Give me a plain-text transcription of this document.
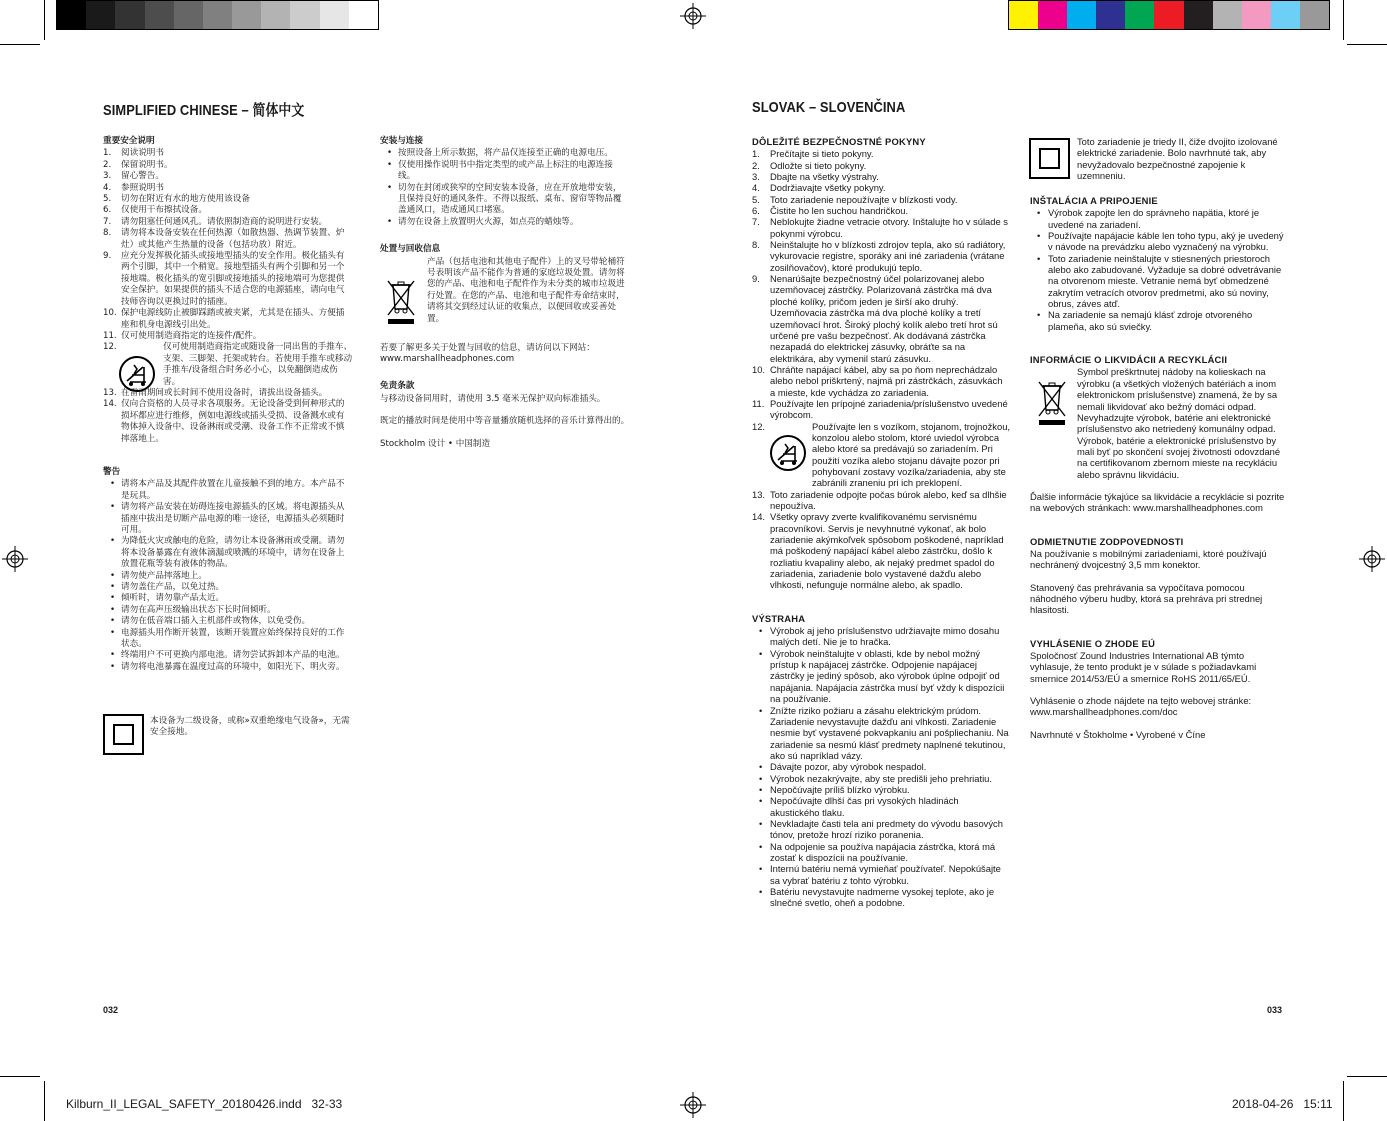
SIMPLIFIED CHINESE – 简体中文
重要安全说明
1. 阅读说明书
2. 保留说明书。
3. 留心警告。
4. 参照说明书
5. 切勿在附近有水的地方使用该设备
6. 仅使用干布擦拭设备。
7. 请勿阻塞任何通风孔。请依照制造商的说明进行安装。
8. 请勿将本设备安装在任何热源（如散热器、热调节装置、炉灶）或其他产生热量的设备（包括功放）附近。
9. 应充分发挥极化插头或接地型插头的安全作用。极化插头有两个引脚，其中一个稍宽。接地型插头有两个引脚和另一个接地端。极化插头的宽引脚或接地插头的接地端可为您提供安全保护。如果提供的插头不适合您的电源插座，请向电气技师咨询以更换过时的插座。
10. 保护电源线防止被脚踩踏或被夹紧，尤其是在插头、方便插座和机身电源线引出处。
11. 仅可使用制造商指定的连接件/配件。
12.	仅可使用制造商指定或随设备一同出售的手推车、支架、三脚架、托架或转台。若使用手推车或移动手推车/设备组合时务必小心，以免翻倒造成伤害。
13. 在雷雨期间或长时间不使用设备时，请拔出设备插头。
14. 仅向合资格的人员寻求各项服务。无论设备受到何种形式的损坏都应进行维修，例如电源线或插头受损、设备溅水或有物体掉入设备中、设备淋雨或受潮、设备工作不正常或不慎摔落地上。
警告
• 请将本产品及其配件放置在儿童接触不到的地方。本产品不是玩具。
• 请勿将产品安装在妨碍连接电源插头的区域。将电源插头从插座中拔出是切断产品电源的唯一途径，电源插头必须随时可用。
• 为降低火灾或触电的危险，请勿让本设备淋雨或受潮。请勿将本设备暴露在有液体滴漏或喷溅的环境中，请勿在设备上放置花瓶等装有液体的物品。
• 请勿使产品摔落地上。
• 请勿盖住产品，以免过热。
• 倾听时，请勿靠产品太近。
• 请勿在高声压级输出状态下长时间倾听。
• 请勿在低音端口插入主机部件或物体，以免受伤。
• 电源插头用作断开装置，该断开装置应始终保持良好的工作状态。
• 终端用户不可更换内部电池。请勿尝试拆卸本产品的电池。
• 请勿将电池暴露在温度过高的环境中，如阳光下、明火旁。
本设备为二级设备，或称»双重绝缘电气设备»，无需安全接地。
安装与连接
• 按照设备上所示数据，将产品仅连接至正确的电源电压。
• 仅使用操作说明书中指定类型的或产品上标注的电源连接线。
• 切勿在封闭或狭窄的空间安装本设备，应在开放地带安装，且保持良好的通风条件。不得以报纸、桌布、窗帘等物品覆盖通风口，造成通风口堵塞。
• 请勿在设备上放置明火火源，如点亮的蜡烛等。
处置与回收信息

产品（包括电池和其他电子配件）上的叉号带轮桶符号表明该产品不能作为普通的家庭垃圾处置。请勿将您的产品、电池和电子配件作为未分类的城市垃圾进行处置。在您的产品、电池和电子配件寿命结束时，请将其交到经过认证的收集点，以便回收或妥善处置。

若要了解更多关于处置与回收的信息，请访问以下网站：www.marshallheadphones.com

免责条款

与移动设备同用时，请使用 3.5 毫米无保护双向标准插头。

既定的播放时间是使用中等音量播放随机选择的音乐计算得出的。

Stockholm 设计 • 中国制造

032
SLOVAK – SLOVENČINA
DÔLEŽITÉ BEZPEČNOSTNÉ POKYNY
1. Prečítajte si tieto pokyny.
2. Odložte si tieto pokyny.
3. Dbajte na všetky výstrahy.
4. Dodržiavajte všetky pokyny.
5. Toto zariadenie nepoužívajte v blízkosti vody.
6. Čistite ho len suchou handričkou.
7. Neblokujte žiadne vetracie otvory. Inštalujte ho v súlade s pokynmi výrobcu.
8. Neinštalujte ho v blízkosti zdrojov tepla, ako sú radiátory, vykurovacie registre, sporáky ani iné zariadenia (vrátane zosilňovačov), ktoré produkujú teplo.
9. Nenarúšajte bezpečnostný účel polarizovanej alebo uzemňovacej zástrčky. Polarizovaná zástrčka má dva ploché kolíky, pričom jeden je širší ako druhý. Uzemňovacia zástrčka má dva ploché kolíky a tretí uzemňovací hrot. Široký plochý kolík alebo tretí hrot sú určené pre vašu bezpečnosť. Ak dodávaná zástrčka nezapadá do elektrickej zásuvky, obráťte sa na elektrikára, aby vymenil starú zásuvku.
10. Chráňte napájací kábel, aby sa po ňom neprechádzalo alebo nebol priškrtený, najmä pri zástrčkách, zásuvkách a mieste, kde vychádza zo zariadenia.
11. Používajte len prípojné zariadenia/príslušenstvo uvedené výrobcom.
12.	Používajte len s vozíkom, stojanom, trojnožkou, konzolou alebo stolom, ktoré uviedol výrobca alebo ktoré sa predávajú so zariadením. Pri použití vozíka alebo stojanu dávajte pozor pri pohybovaní zostavy vozíka/zariadenia, aby ste zabránili zraneniu pri ich preklopení.
13. Toto zariadenie odpojte počas búrok alebo, keď sa dlhšie nepoužíva.
14. Všetky opravy zverte kvalifikovanému servisnému pracovníkovi. Servis je nevyhnutné vykonať, ak bolo zariadenie akýmkoľvek spôsobom poškodené, napríklad má poškodený napájací kábel alebo zástrčku, došlo k rozliatiu kvapaliny alebo, ak nejaký predmet spadol do zariadenia, zariadenie bolo vystavené dažďu alebo vlhkosti, nefunguje normálne alebo, ak spadlo.
VÝSTRAHA
• Výrobok aj jeho príslušenstvo udržiavajte mimo dosahu malých detí. Nie je to hračka.
• Výrobok neinštalujte v oblasti, kde by nebol možný prístup k napájacej zástrčke. Odpojenie napájacej zástrčky je jediný spôsob, ako výrobok úplne odpojiť od napájania. Napájacia zástrčka musí byť vždy k dispozícii na používanie.
• Znížte riziko požiaru a zásahu elektrickým prúdom. Zariadenie nevystavujte dažďu ani vlhkosti. Zariadenie nesmie byť vystavené pokvapkaniu ani pošpliechaniu. Na zariadenie sa nesmú klásť predmety naplnené tekutinou, ako sú napríklad vázy.
• Dávajte pozor, aby výrobok nespadol.
• Výrobok nezakrývajte, aby ste predišli jeho prehriatiu.
• Nepočúvajte príliš blízko výrobku.
• Nepočúvajte dlhší čas pri vysokých hladinách akustického tlaku.
• Nevkladajte časti tela ani predmety do vývodu basových tónov, pretože hrozí riziko poranenia.
• Na odpojenie sa používa napájacia zástrčka, ktorá má zostať k dispozícii na používanie.
• Internú batériu nemá vymieňať používateľ. Nepokúšajte sa vybrať batériu z tohto výrobku.
• Batériu nevystavujte nadmerne vysokej teplote, ako je slnečné svetlo, oheň a podobne.

Toto zariadenie je triedy II, čiže dvojito izolované elektrické zariadenie. Bolo navrhnuté tak, aby nevyžadovalo bezpečnostné zapojenie k uzemneniu.

INŠTALÁCIA A PRIPOJENIE
• Výrobok zapojte len do správneho napätia, ktoré je uvedené na zariadení.
• Používajte napájacie káble len toho typu, aký je uvedený v návode na prevádzku alebo vyznačený na výrobku.
• Toto zariadenie neinštalujte v stiesnených priestoroch alebo ako zabudované. Vyžaduje sa dobré odvetrávanie na otvorenom mieste. Vetranie nemá byť obmedzené zakrytím vetracích otvorov predmetmi, ako sú noviny, obrus, záves atď.
• Na zariadenie sa nemajú klásť zdroje otvoreného plameňa, ako sú sviečky.
INFORMÁCIE O LIKVIDÁCII A RECYKLÁCII

Symbol preškrtnutej nádoby na kolieskach na výrobku (a všetkých vložených batériách a inom elektronickom príslušenstve) znamená, že by sa nemali likvidovať ako bežný domáci odpad. Nevyhadzujte výrobok, batérie ani elektronické príslušenstvo ako netriedený komunálny odpad. Výrobok, batérie a elektronické príslušenstvo by mali byť po skončení svojej životnosti odovzdané na certifikovanom zbernom mieste na recykláciu alebo správnu likvidáciu.

Ďalšie informácie týkajúce sa likvidácie a recyklácie si pozrite na webových stránkach: www.marshallheadphones.com

ODMIETNUTIE ZODPOVEDNOSTI

Na používanie s mobilnými zariadeniami, ktoré používajú nechránený dvojcestný 3,5 mm konektor.

Stanovený čas prehrávania sa vypočítava pomocou náhodného výberu hudby, ktorá sa prehráva pri strednej hlasitosti.

VYHLÁSENIE O ZHODE EÚ

Spoločnosť Zound Industries International AB týmto vyhlasuje, že tento produkt je v súlade s požiadavkami smernice 2014/53/EÚ a smernice RoHS 2011/65/EÚ.

Vyhlásenie o zhode nájdete na tejto webovej stránke: www.marshallheadphones.com/doc

Navrhnuté v Štokholme • Vyrobené v Číne

033
Kilburn_II_LEGAL_SAFETY_20180426.indd   32-33	2018-04-26   15:11
